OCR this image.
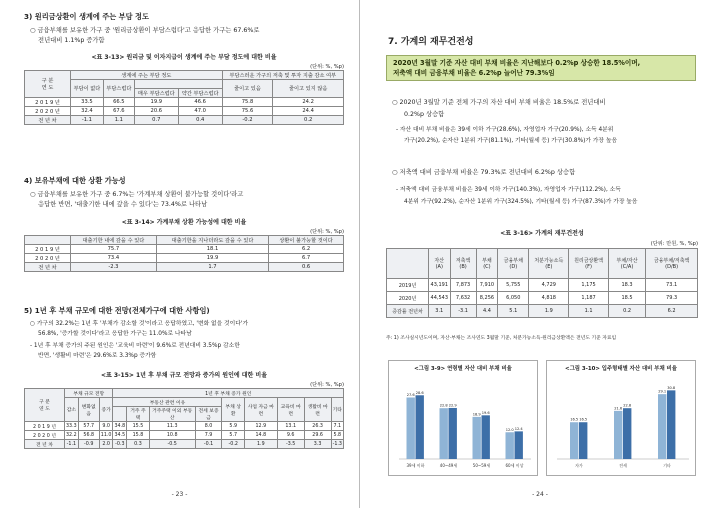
3) 원리금상환이 생계에 주는 부담 정도
○ 금융부채를 보유한 가구 중 '원리금상환이 부담스럽다'고 응답한 가구는 67.6%로
전년대비 1.1%p 증가함
<표 3-13> 원리금 및 이자지급이 생계에 주는 부담 정도에 대한 비율
(단위: %, %p)
구 분
연 도	생계에 주는 부담 정도				부담스러운 가구의 저축 및 투자 지출 감소 여부	
	부담이 없다	부담스럽다			줄이고 있음	줄이고 있지 않음
			매우 부담스럽다	약간 부담스럽다		
2 0 1 9 년	33.5	66.5	19.9	46.6	75.8	24.2
2 0 2 0 년	32.4	67.6	20.6	47.0	75.6	24.4
전 년 차	-1.1	1.1	0.7	0.4	-0.2	0.2
4) 보유부채에 대한 상환 가능성
○ 금융부채를 보유한 가구 중 6.7%는 '가계부채 상환이 불가능할 것이다'라고
응답한 반면, '대출기한 내에 갚을 수 있다'는 73.4%로 나타남
<표 3-14> 가계부채 상환 가능성에 대한 비율
(단위: %, %p)
	대출기한 내에 갚을 수 있다	대출기한을 지나더라도 갚을 수 있다	상환이 불가능할 것이다
2 0 1 9 년	75.7	18.1	6.2
2 0 2 0 년	73.4	19.9	6.7
전 년 차	-2.3	1.7	0.6
5) 1년 후 부채 규모에 대한 전망(전체가구에 대한 사항임)
○ 가구의 32.2%는 1년 후 '부채가 감소할 것'이라고 응답하였고, '변화 없을 것이다'가
56.8%, '증가할 것이다'라고 응답한 가구는 11.0%로 나타남
- 1년 후 부채 증가의 주된 원인은 '교육비 마련'이 9.6%로 전년대비 3.5%p 감소한
반면, '생활비 마련'은 29.6%로 3.3%p 증가함
<표 3-15> 1년 후 부채 규모 전망과 증가의 원인에 대한 비율
(단위: %, %p)
구 분
연 도	부채 규모 전망			1년 후 부채 증가 원인								
	감소	변화없음	증가	부동산 관련 이유				부채 상환	사업 자금 마련	교육비 마련	생활비 마련	기타
					거주 주택	거주주택 이외 부동산	전세 보증금					
2 0 1 9 년	33.3	57.7	9.0	34.8	15.5	11.3	8.0	5.9	12.9	13.1	26.3	7.1
2 0 2 0 년	32.2	56.8	11.0	34.5	15.8	10.8	7.9	5.7	14.8	9.6	29.6	5.8
전 년 차	-1.1	-0.9	2.0	-0.3	0.3	-0.5	-0.1	-0.2	1.9	-3.5	3.3	-1.3
- 23 -	- 24 -
7. 가계의 재무건전성
2020년 3월말 기준 자산 대비 부채 비율은 지난해보다 0.2%p 상승한 18.5%이며,
저축액 대비 금융부채 비율은 6.2%p 늘어난 79.3%임
○ 2020년 3월말 기준 전체 가구의 자산 대비 부채 비율은 18.5%로 전년대비
0.2%p 상승함
- 자산 대비 부채 비율은 39세 이하 가구(28.6%), 자영업자 가구(20.9%), 소득 4분위
가구(20.2%), 순자산 1분위 가구(81.1%), 기타(월세 등) 가구(30.8%)가 가장 높음
○ 저축액 대비 금융부채 비율은 79.3%로 전년대비 6.2%p 상승함
- 저축액 대비 금융부채 비율은 39세 이하 가구(140.3%), 자영업자 가구(112.2%), 소득
4분위 가구(92.2%), 순자산 1분위 가구(324.5%), 기타(월세 등) 가구(87.3%)가 가장 높음
<표 3-16> 가계의 재무건전성
(단위: 만원, %, %p)
	자산 (A)	저축액 (B)	부채 (C)	금융부채 (D)	처분가능소득 (E)	원리금상환액 (F)	부채/자산 (C/A)	금융부채/저축액 (D/B)
2019년	43,191	7,873	7,910	5,755	4,729	1,175	18.3	73.1
2020년	44,543	7,632	8,256	6,050	4,818	1,187	18.5	79.3
증감률 전년차	3.1	-3.1	4.4	5.1	1.9	1.1	0.2	6.2
주: 1) 조사실시년도이며, 자산·부채는 조사연도 3월말 기준, 처분가능소득·원리금상환액은 전년도 기준 자료임
<그림 3-9> 연령별 자산 대비 부채 비율
27.6
28.6
39세 이하
22.8 22.9
40~49세
18.9 19.6
50~59세
12.0 12.4
60세 이상
<그림 3-10> 입주형태별 자산 대비 부채 비율
16.5 16.5
자가
21.6
22.8
전세
29.1
30.8
기타
